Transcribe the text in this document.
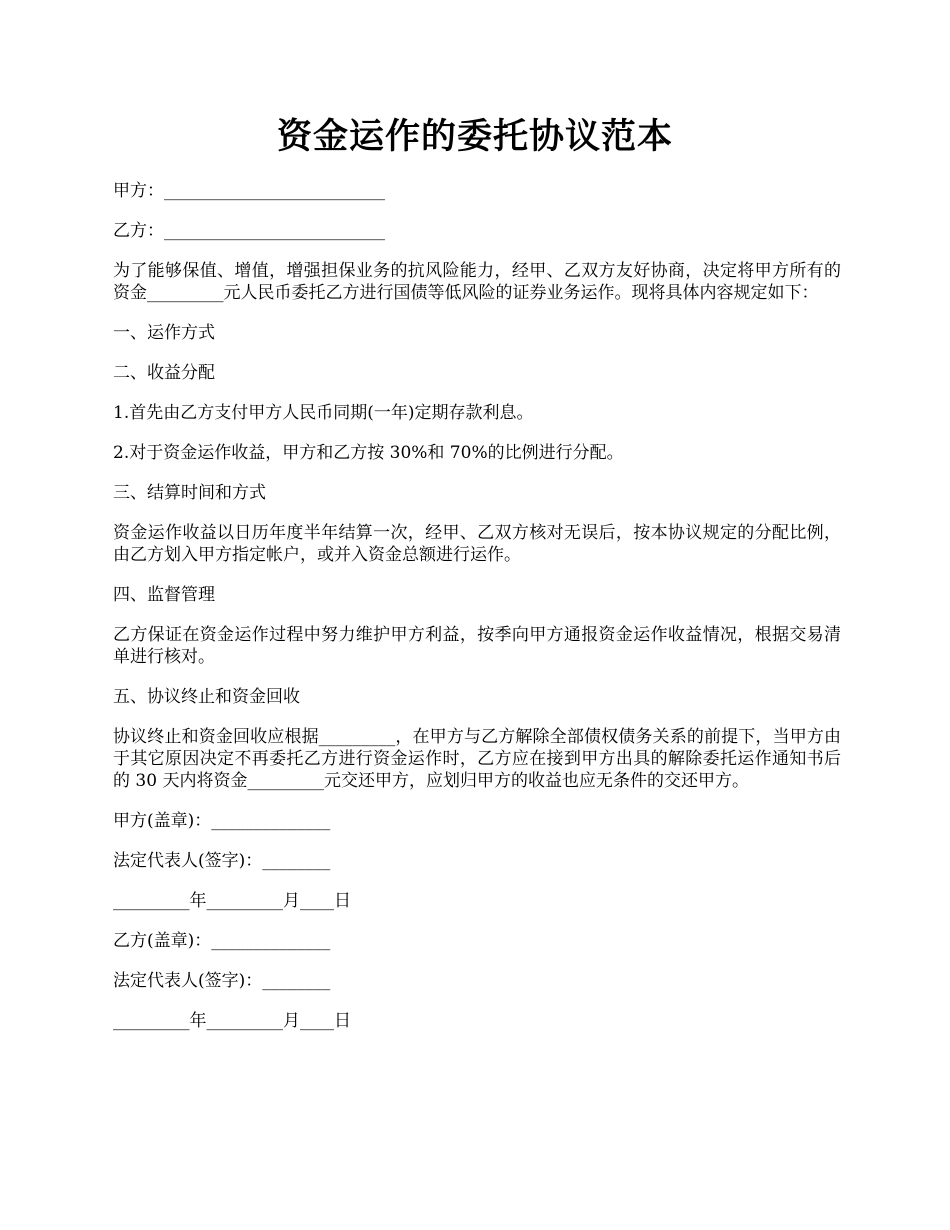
资金运作的委托协议范本

甲方：__________________________

乙方：__________________________

为了能够保值、增值，增强担保业务的抗风险能力，经甲、乙双方友好协商，决定将甲方所有的资金_________元人民币委托乙方进行国债等低风险的证券业务运作。现将具体内容规定如下：

一、运作方式

二、收益分配

1.首先由乙方支付甲方人民币同期(一年)定期存款利息。

2.对于资金运作收益，甲方和乙方按 30%和 70%的比例进行分配。

三、结算时间和方式

资金运作收益以日历年度半年结算一次，经甲、乙双方核对无误后，按本协议规定的分配比例，由乙方划入甲方指定帐户，或并入资金总额进行运作。

四、监督管理

乙方保证在资金运作过程中努力维护甲方利益，按季向甲方通报资金运作收益情况，根据交易清单进行核对。

五、协议终止和资金回收

协议终止和资金回收应根据_________，在甲方与乙方解除全部债权债务关系的前提下，当甲方由于其它原因决定不再委托乙方进行资金运作时，乙方应在接到甲方出具的解除委托运作通知书后的 30 天内将资金_________元交还甲方，应划归甲方的收益也应无条件的交还甲方。

甲方(盖章)：______________

法定代表人(签字)：________

_________年_________月____日

乙方(盖章)：______________

法定代表人(签字)：________

_________年_________月____日
